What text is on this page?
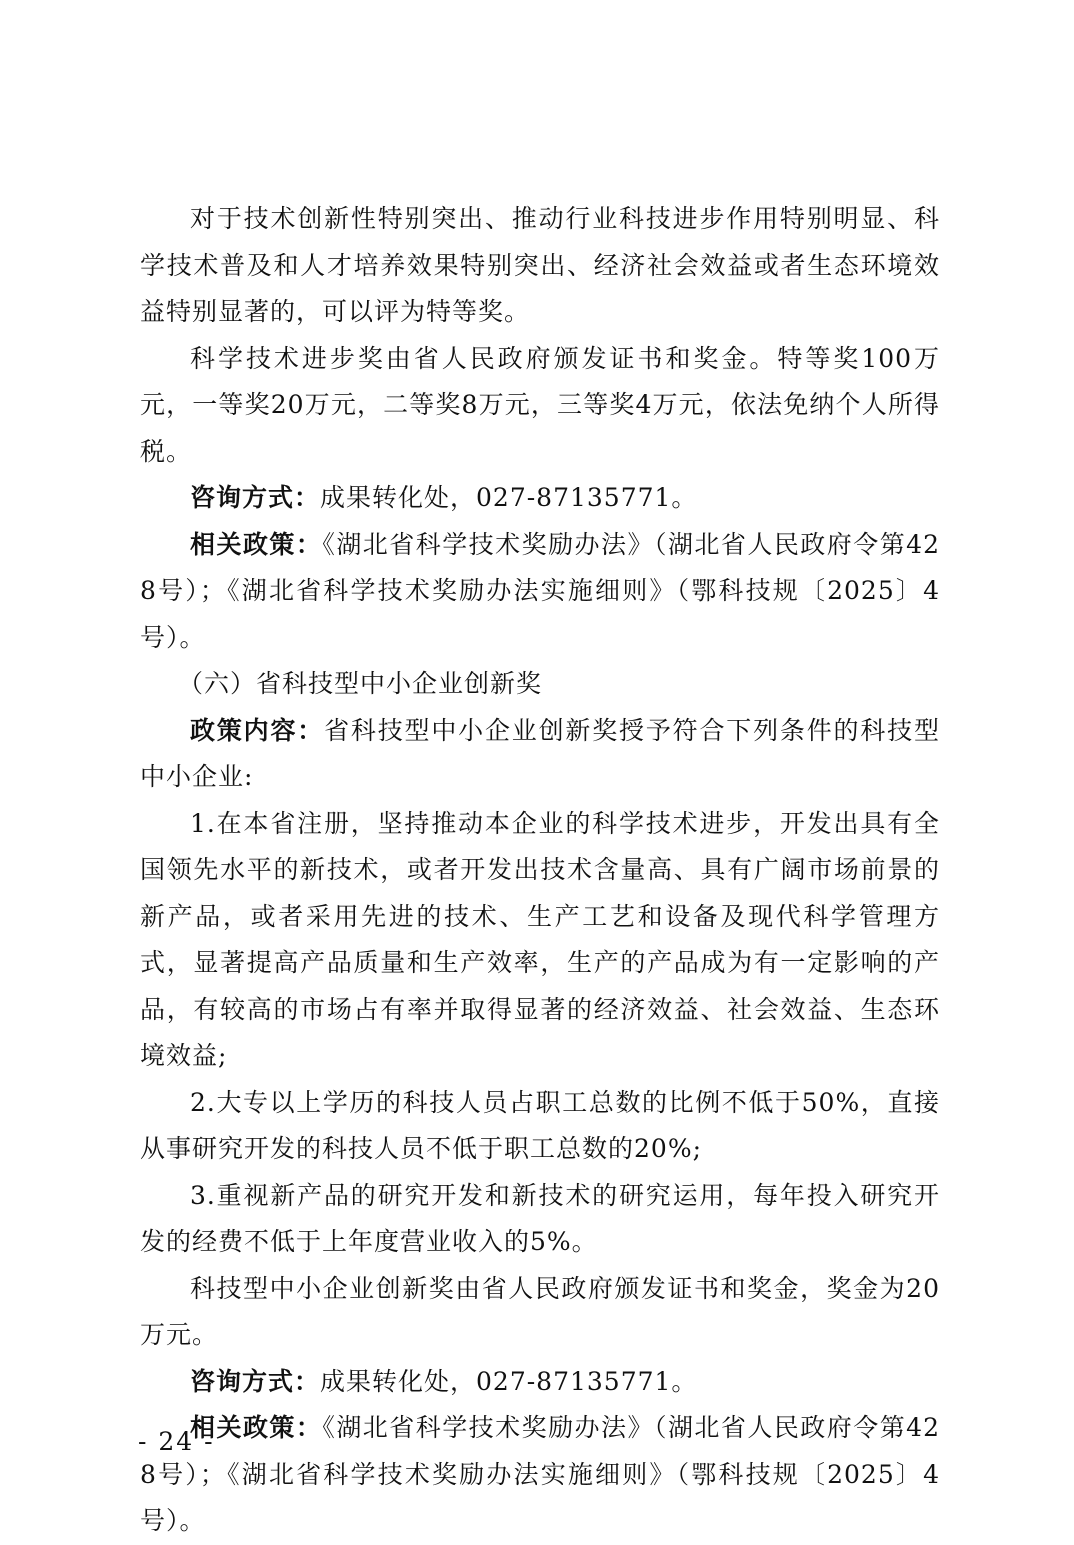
对于技术创新性特别突出、推动行业科技进步作用特别明显、科学技术普及和人才培养效果特别突出、经济社会效益或者生态环境效益特别显著的，可以评为特等奖。

科学技术进步奖由省人民政府颁发证书和奖金。特等奖100万元，一等奖20万元，二等奖8万元，三等奖4万元，依法免纳个人所得税。

咨询方式：成果转化处，027-87135771。

相关政策：《湖北省科学技术奖励办法》（湖北省人民政府令第428号）；《湖北省科学技术奖励办法实施细则》（鄂科技规〔2025〕4号）。

（六）省科技型中小企业创新奖

政策内容：省科技型中小企业创新奖授予符合下列条件的科技型中小企业:

1.在本省注册，坚持推动本企业的科学技术进步，开发出具有全国领先水平的新技术，或者开发出技术含量高、具有广阔市场前景的新产品，或者采用先进的技术、生产工艺和设备及现代科学管理方式，显著提高产品质量和生产效率，生产的产品成为有一定影响的产品，有较高的市场占有率并取得显著的经济效益、社会效益、生态环境效益;

2.大专以上学历的科技人员占职工总数的比例不低于50%，直接从事研究开发的科技人员不低于职工总数的20%;

3.重视新产品的研究开发和新技术的研究运用，每年投入研究开发的经费不低于上年度营业收入的5%。

科技型中小企业创新奖由省人民政府颁发证书和奖金，奖金为20万元。

咨询方式：成果转化处，027-87135771。

相关政策：《湖北省科学技术奖励办法》（湖北省人民政府令第428号）；《湖北省科学技术奖励办法实施细则》（鄂科技规〔2025〕4号）。

- 24 -
